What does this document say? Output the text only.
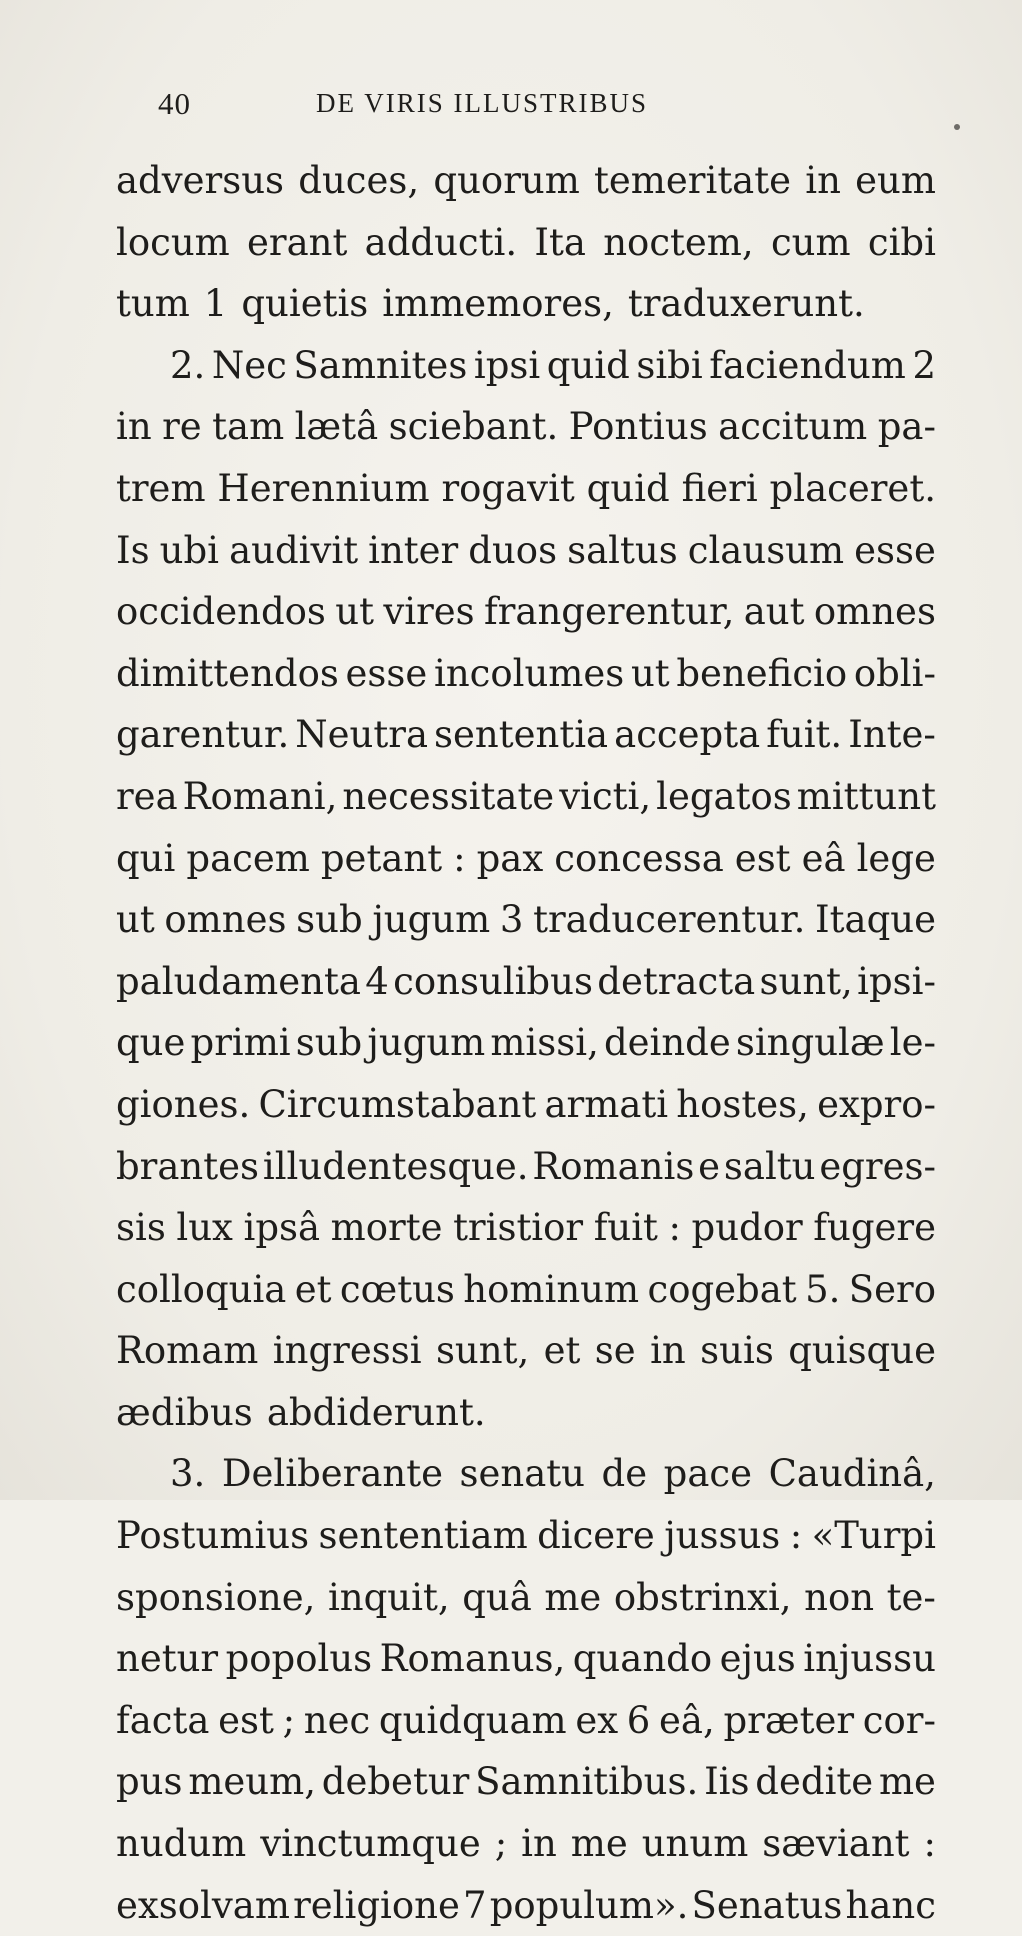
40	DE VIRIS ILLUSTRIBUS
adversus duces, quorum temeritate in eum
locum erant adducti. Ita noctem, cum cibi
tum 1 quietis immemores, traduxerunt.
2. Nec Samnites ipsi quid sibi faciendum 2
in re tam lætâ sciebant. Pontius accitum pa-
trem Herennium rogavit quid fieri placeret.
Is ubi audivit inter duos saltus clausum esse
occidendos ut vires frangerentur, aut omnes
dimittendos esse incolumes ut beneficio obli-
garentur. Neutra sententia accepta fuit. Inte-
rea Romani, necessitate victi, legatos mittunt
qui pacem petant : pax concessa est eâ lege
ut omnes sub jugum 3 traducerentur. Itaque
paludamenta 4 consulibus detracta sunt, ipsi-
que primi sub jugum missi, deinde singulæ le-
giones. Circumstabant armati hostes, expro-
brantes illudentesque. Romanis e saltu egres-
sis lux ipsâ morte tristior fuit : pudor fugere
colloquia et cœtus hominum cogebat 5. Sero
Romam ingressi sunt, et se in suis quisque
ædibus abdiderunt.
3. Deliberante senatu de pace Caudinâ,
Postumius sententiam dicere jussus : «Turpi
sponsione, inquit, quâ me obstrinxi, non te-
netur popolus Romanus, quando ejus injussu
facta est ; nec quidquam ex 6 eâ, præter cor-
pus meum, debetur Samnitibus. Iis dedite me
nudum vinctumque ; in me unum sæviant :
exsolvam religione 7 populum». Senatus hanc
